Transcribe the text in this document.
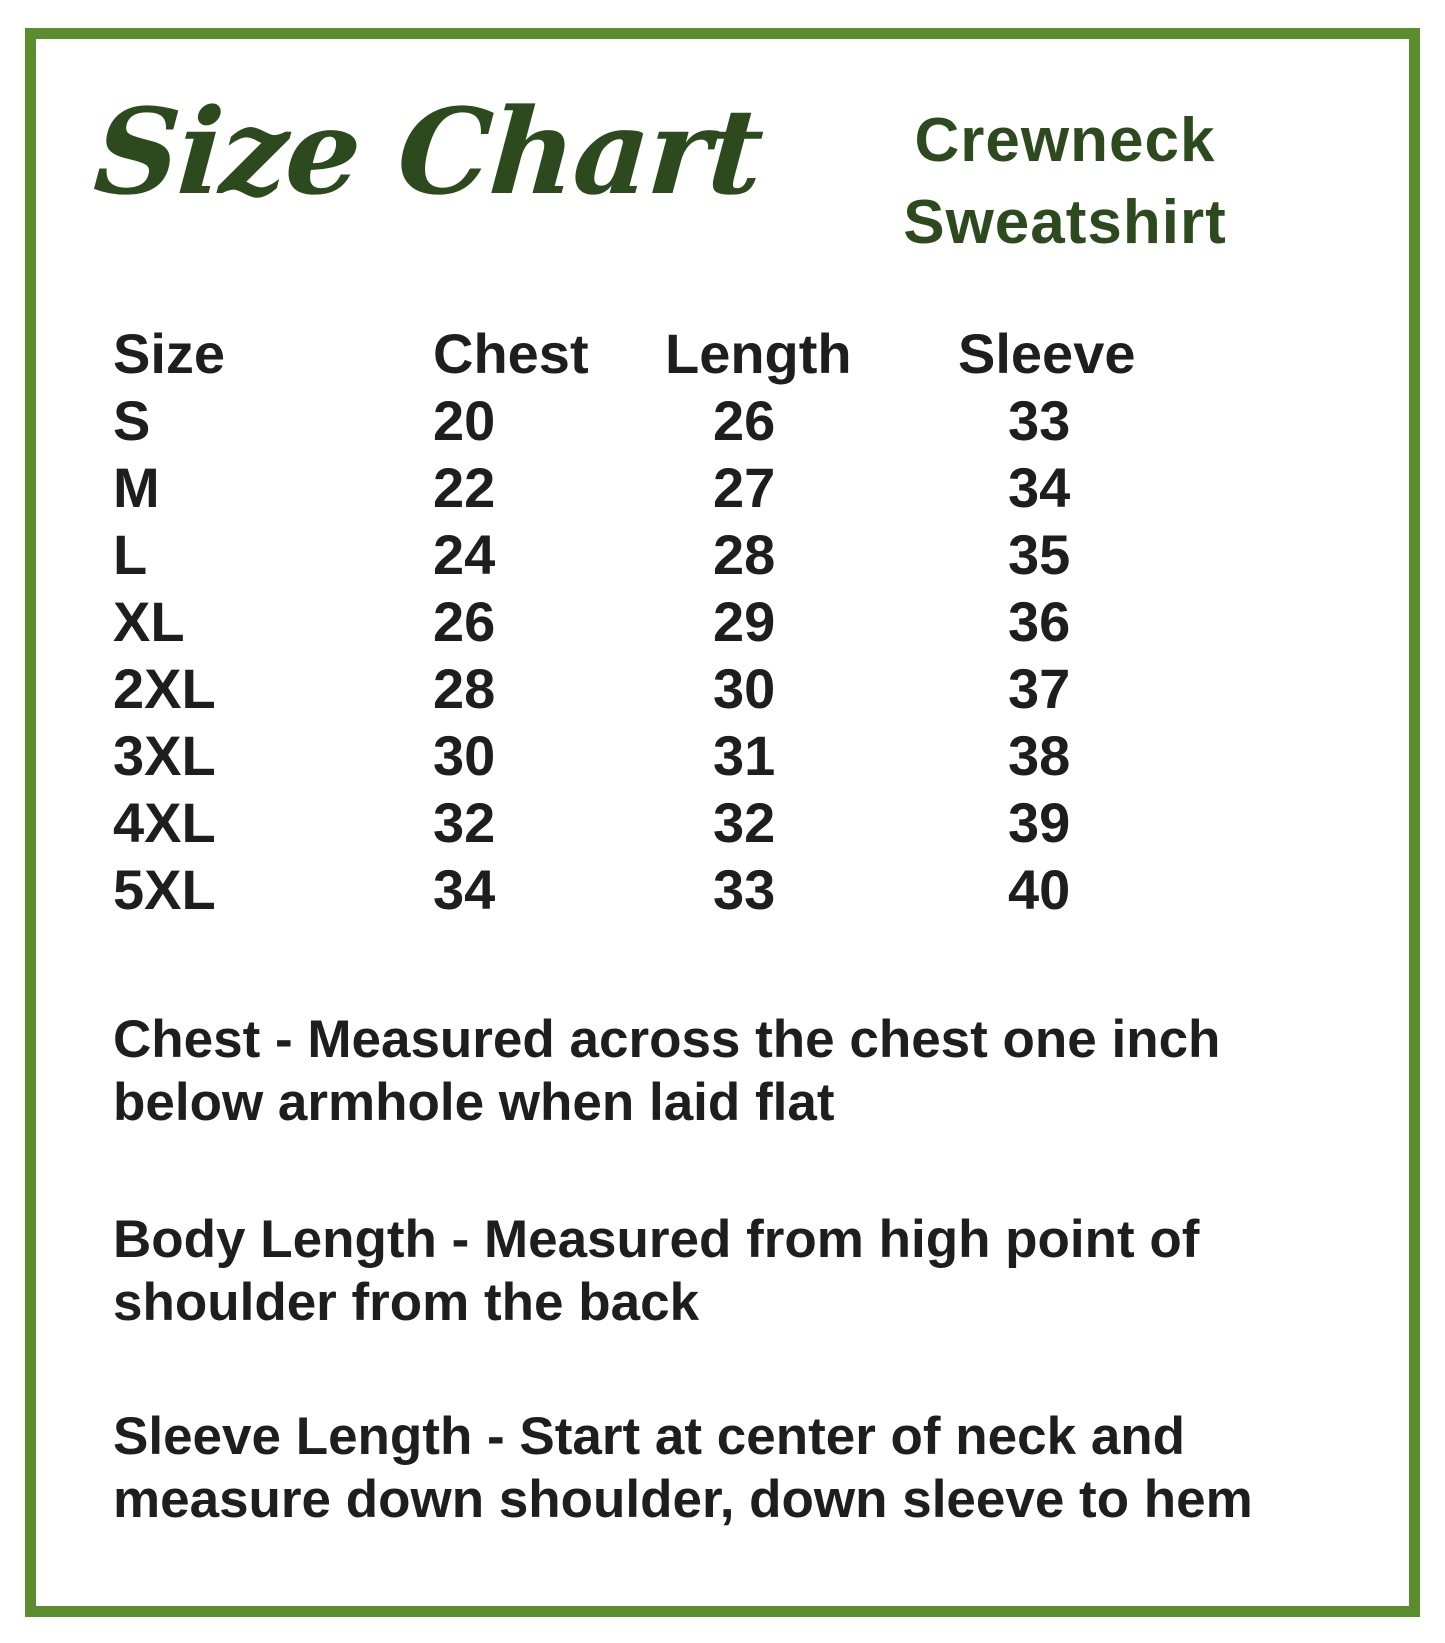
Size Chart	Crewneck
Sweatshirt
Size	Chest	Length	Sleeve
S	20	26	33
M	22	27	34
L	24	28	35
XL	26	29	36
2XL	28	30	37
3XL	30	31	38
4XL	32	32	39
5XL	34	33	40
Chest - Measured across the chest one inch
below armhole when laid flat
Body Length - Measured from high point of
shoulder from the back
Sleeve Length - Start at center of neck and
measure down shoulder, down sleeve to hem
